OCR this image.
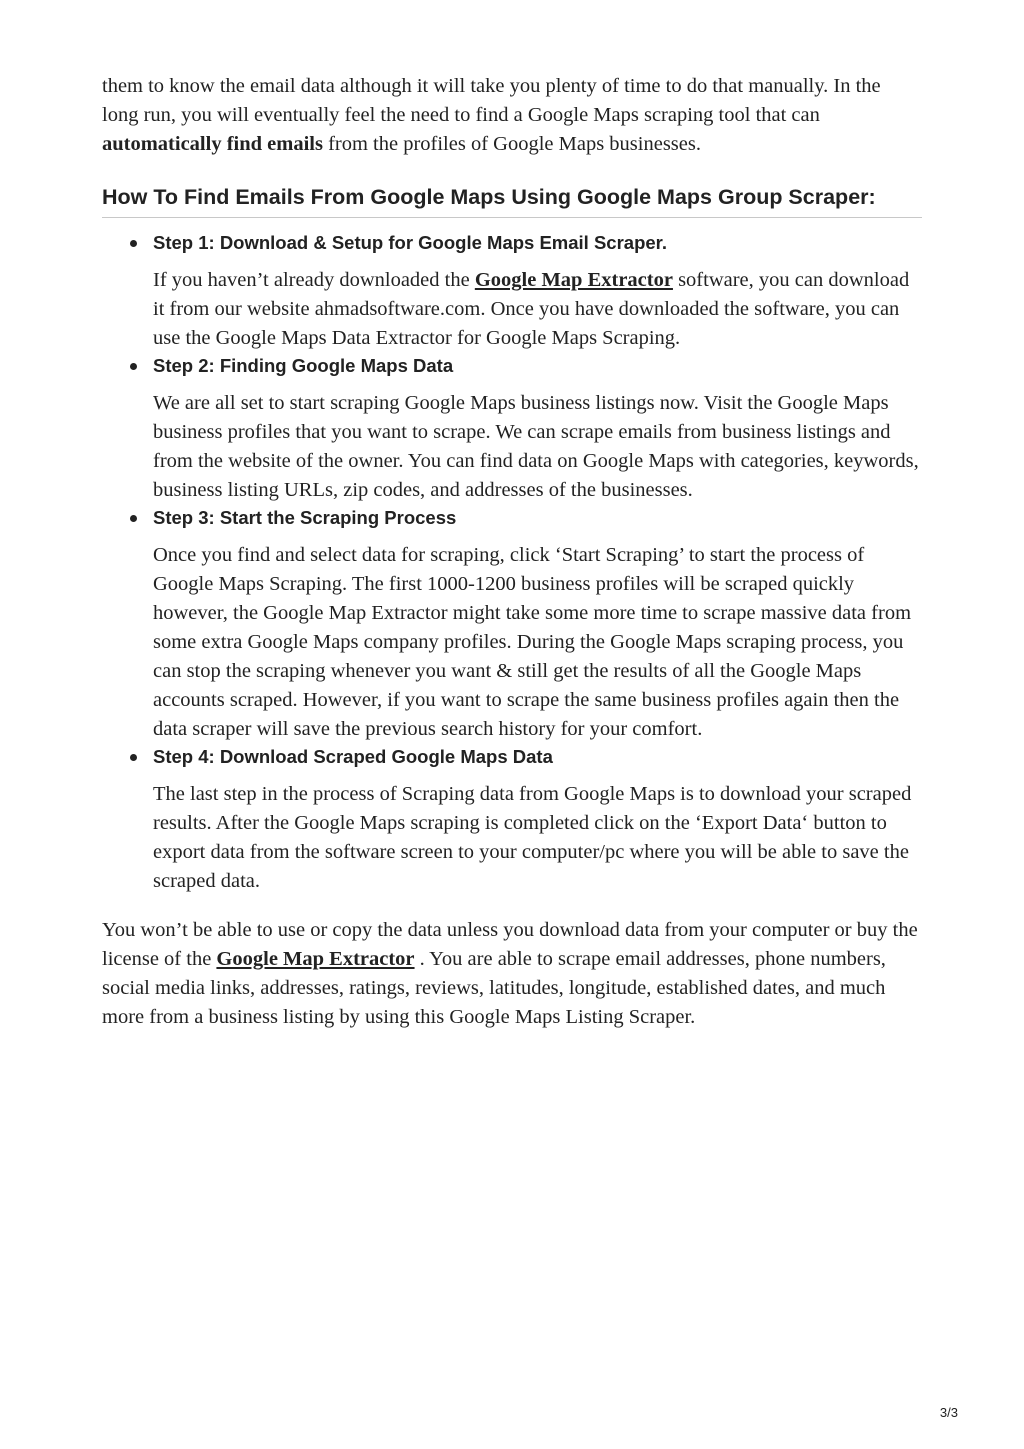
them to know the email data although it will take you plenty of time to do that manually. In the long run, you will eventually feel the need to find a Google Maps scraping tool that can automatically find emails from the profiles of Google Maps businesses.

How To Find Emails From Google Maps Using Google Maps Group Scraper:

Step 1: Download & Setup for Google Maps Email Scraper.

If you haven’t already downloaded the Google Map Extractor software, you can download it from our website ahmadsoftware.com. Once you have downloaded the software, you can use the Google Maps Data Extractor for Google Maps Scraping.

Step 2: Finding Google Maps Data

We are all set to start scraping Google Maps business listings now. Visit the Google Maps business profiles that you want to scrape. We can scrape emails from business listings and from the website of the owner. You can find data on Google Maps with categories, keywords, business listing URLs, zip codes, and addresses of the businesses.

Step 3: Start the Scraping Process

Once you find and select data for scraping, click ‘Start Scraping’ to start the process of Google Maps Scraping. The first 1000-1200 business profiles will be scraped quickly however, the Google Map Extractor might take some more time to scrape massive data from some extra Google Maps company profiles. During the Google Maps scraping process, you can stop the scraping whenever you want & still get the results of all the Google Maps accounts scraped. However, if you want to scrape the same business profiles again then the data scraper will save the previous search history for your comfort.

Step 4: Download Scraped Google Maps Data

The last step in the process of Scraping data from Google Maps is to download your scraped results. After the Google Maps scraping is completed click on the ‘Export Data‘ button to export data from the software screen to your computer/pc where you will be able to save the scraped data.

You won’t be able to use or copy the data unless you download data from your computer or buy the license of the Google Map Extractor . You are able to scrape email addresses, phone numbers, social media links, addresses, ratings, reviews, latitudes, longitude, established dates, and much more from a business listing by using this Google Maps Listing Scraper.

3/3
